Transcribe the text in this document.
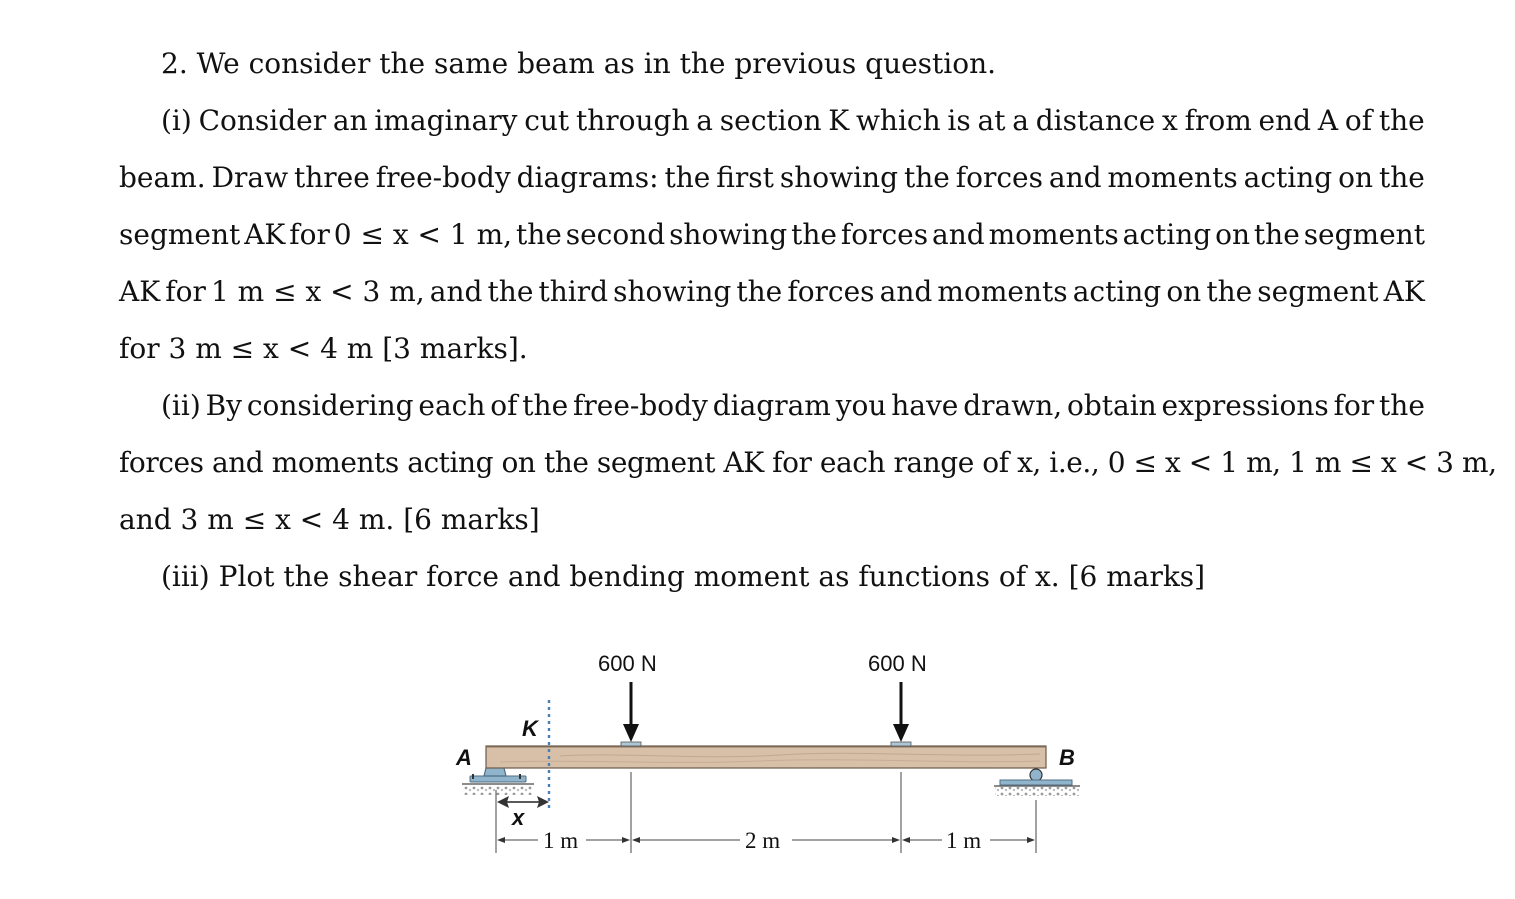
2. We consider the same beam as in the previous question.
(i) Consider an imaginary cut through a section K which is at a distance x from end A of the
beam. Draw three free-body diagrams: the first showing the forces and moments acting on the
segment AK for 0 ≤ x < 1 m, the second showing the forces and moments acting on the segment
AK for 1 m ≤ x < 3 m, and the third showing the forces and moments acting on the segment AK
for 3 m ≤ x < 4 m [3 marks].
(ii) By considering each of the free-body diagram you have drawn, obtain expressions for the
forces and moments acting on the segment AK for each range of x, i.e., 0 ≤ x < 1 m, 1 m ≤ x < 3 m,
and 3 m ≤ x < 4 m. [6 marks]
(iii) Plot the shear force and bending moment as functions of x. [6 marks]
600 N	600 N
A	B
K
x
1 m	2 m	1 m
